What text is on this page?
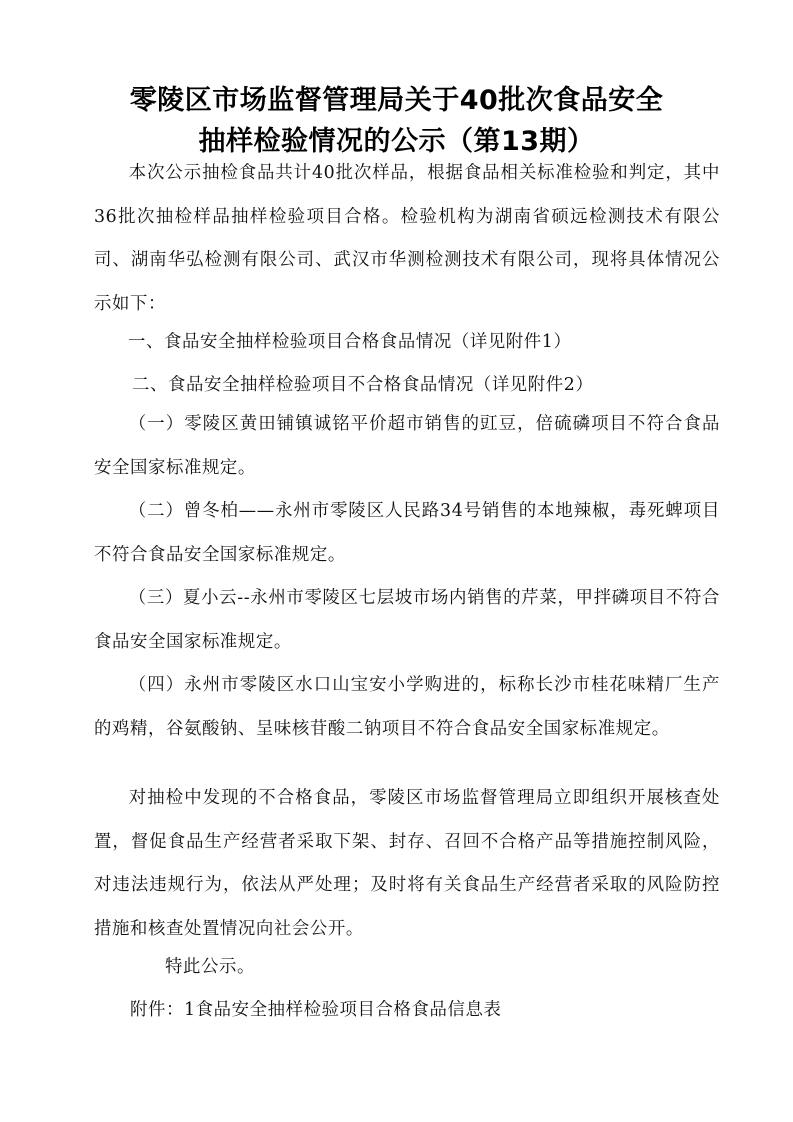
零陵区市场监督管理局关于40批次食品安全
抽样检验情况的公示（第13期）

本次公示抽检食品共计40批次样品，根据食品相关标准检验和判定，其中36批次抽检样品抽样检验项目合格。检验机构为湖南省硕远检测技术有限公司、湖南华弘检测有限公司、武汉市华测检测技术有限公司，现将具体情况公示如下：

一、食品安全抽样检验项目合格食品情况（详见附件1）

二、食品安全抽样检验项目不合格食品情况（详见附件2）

（一）零陵区黄田铺镇诚铭平价超市销售的豇豆，倍硫磷项目不符合食品安全国家标准规定。

（二）曾冬柏——永州市零陵区人民路34号销售的本地辣椒，毒死蜱项目不符合食品安全国家标准规定。

（三）夏小云--永州市零陵区七层坡市场内销售的芹菜，甲拌磷项目不符合食品安全国家标准规定。

（四）永州市零陵区水口山宝安小学购进的，标称长沙市桂花味精厂生产的鸡精，谷氨酸钠、呈味核苷酸二钠项目不符合食品安全国家标准规定。

对抽检中发现的不合格食品，零陵区市场监督管理局立即组织开展核查处置，督促食品生产经营者采取下架、封存、召回不合格产品等措施控制风险，对违法违规行为，依法从严处理；及时将有关食品生产经营者采取的风险防控措施和核查处置情况向社会公开。

特此公示。

附件：1食品安全抽样检验项目合格食品信息表
